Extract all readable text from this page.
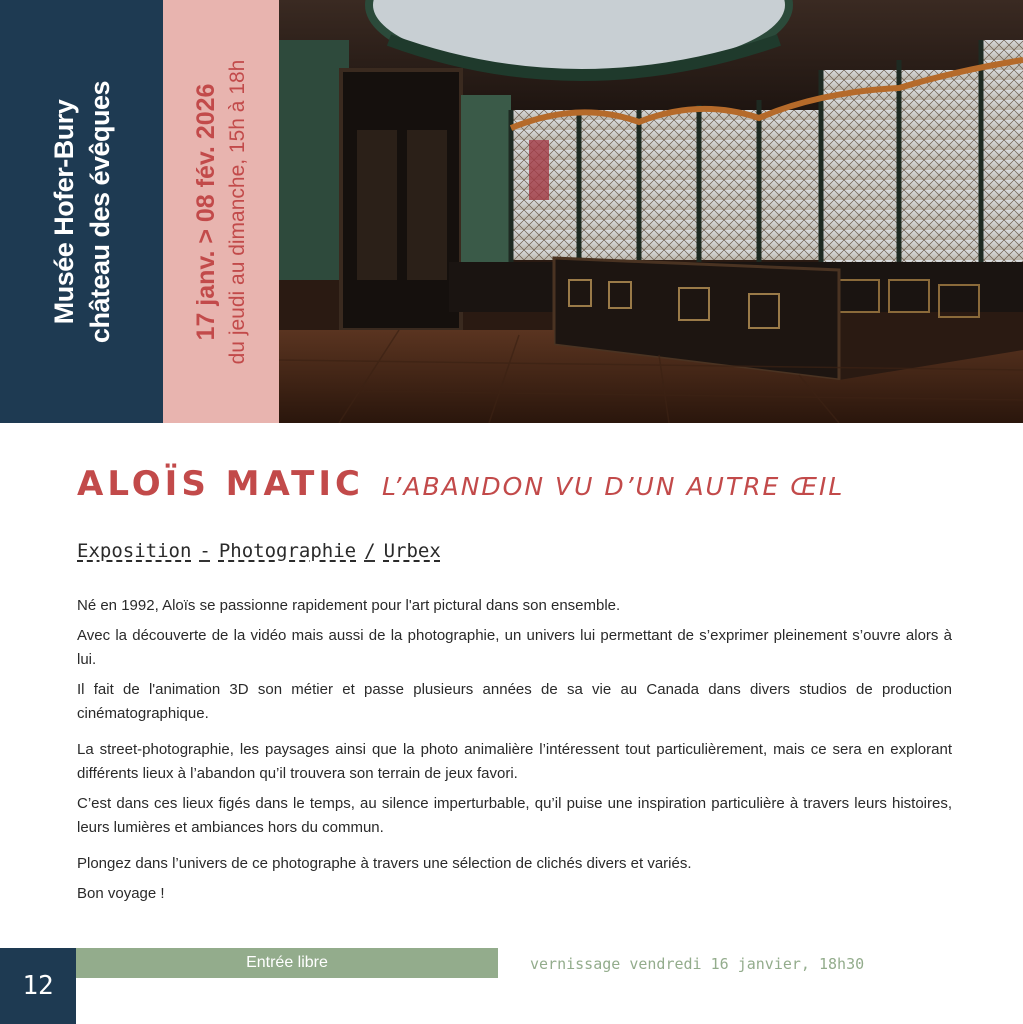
Musée Hofer-Bury château des évêques	17 janv. > 08 fév. 2026 du jeudi au dimanche, 15h à 18h
ALOÏS MATIC L’ABANDON VU D’UN AUTRE ŒIL
Exposition - Photographie / Urbex

Né en 1992, Aloïs se passionne rapidement pour l'art pictural dans son ensemble.

Avec la découverte de la vidéo mais aussi de la photographie, un univers lui permettant de s’exprimer pleinement s’ouvre alors à lui.

Il fait de l'animation 3D son métier et passe plusieurs années de sa vie au Canada dans divers studios de production cinématographique.

La street-photographie, les paysages ainsi que la photo animalière l’intéressent tout particulièrement, mais ce sera en explorant différents lieux à l’abandon qu’il trouvera son terrain de jeux favori.

C’est dans ces lieux figés dans le temps, au silence imperturbable, qu’il puise une inspiration particulière à travers leurs histoires, leurs lumières et ambiances hors du commun.

Plongez dans l’univers de ce photographe à travers une sélection de clichés divers et variés.

Bon voyage !

12
Entrée libre	vernissage vendredi 16 janvier, 18h30
